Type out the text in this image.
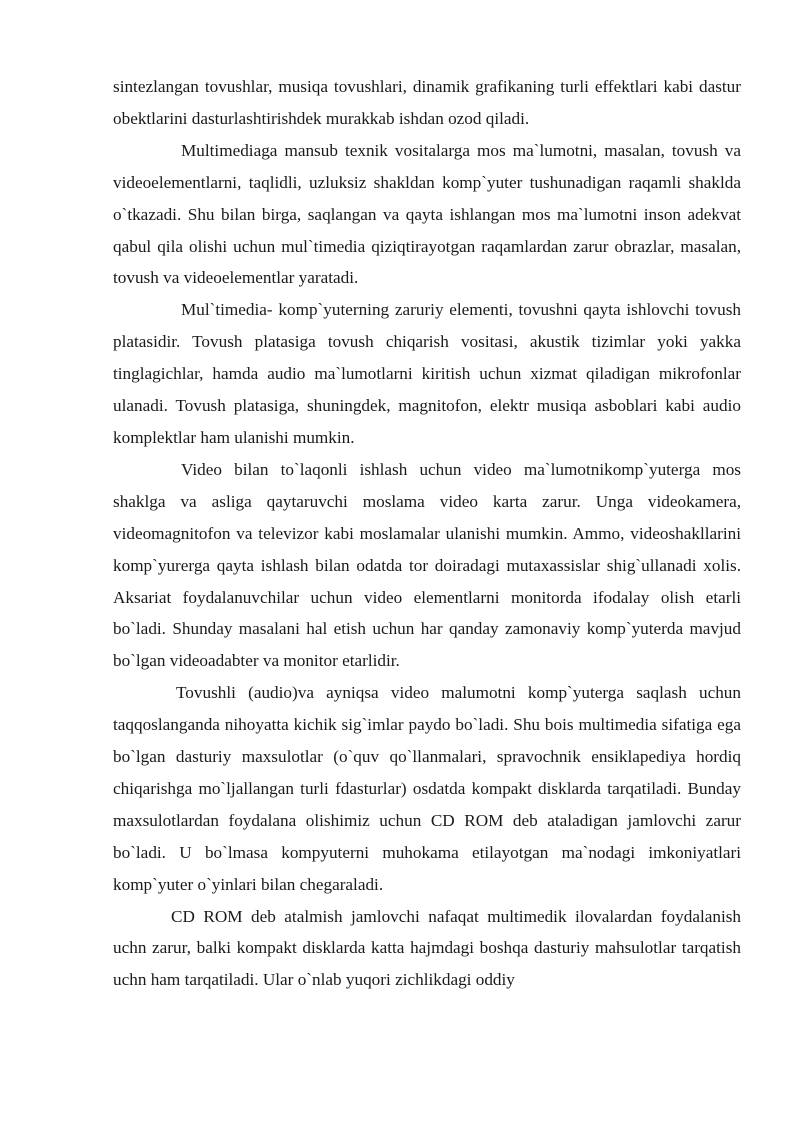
sintezlangan tovushlar, musiqa tovushlari, dinamik grafikaning turli effektlari kabi dastur obektlarini dasturlashtirishdek murakkab ishdan ozod qiladi.

Multimediaga mansub texnik vositalarga mos ma`lumotni, masalan, tovush va videoelementlarni, taqlidli, uzluksiz shakldan komp`yuter tushunadigan raqamli shaklda o`tkazadi. Shu bilan birga, saqlangan va qayta ishlangan mos ma`lumotni inson adekvat qabul qila olishi uchun mul`timedia qiziqtirayotgan raqamlardan zarur obrazlar, masalan, tovush va videoelementlar yaratadi.

Mul`timedia- komp`yuterning zaruriy elementi, tovushni qayta ishlovchi tovush platasidir. Tovush platasiga tovush chiqarish vositasi, akustik tizimlar yoki yakka tinglagichlar, hamda audio ma`lumotlarni kiritish uchun xizmat qiladigan mikrofonlar ulanadi. Tovush platasiga, shuningdek, magnitofon, elektr musiqa asboblari kabi audio komplektlar ham ulanishi mumkin.

Video bilan to`laqonli ishlash uchun video ma`lumotnikomp`yuterga mos shaklga va asliga qaytaruvchi moslama video karta zarur. Unga videokamera, videomagnitofon va televizor kabi moslamalar ulanishi mumkin. Ammo, videoshakllarini komp`yurerga qayta ishlash bilan odatda tor doiradagi mutaxassislar shig`ullanadi xolis. Aksariat foydalanuvchilar uchun video elementlarni monitorda ifodalay olish etarli bo`ladi. Shunday masalani hal etish uchun har qanday zamonaviy komp`yuterda mavjud bo`lgan videoadabter va monitor etarlidir.

Tovushli (audio)va ayniqsa video malumotni komp`yuterga saqlash uchun taqqoslanganda nihoyatta kichik sig`imlar paydo bo`ladi. Shu bois multimedia sifatiga ega bo`lgan dasturiy maxsulotlar (o`quv qo`llanmalari, spravochnik ensiklapediya hordiq chiqarishga mo`ljallangan turli fdasturlar) osdatda kompakt disklarda tarqatiladi. Bunday maxsulotlardan foydalana olishimiz uchun CD ROM deb ataladigan jamlovchi zarur bo`ladi. U bo`lmasa kompyuterni muhokama etilayotgan ma`nodagi imkoniyatlari komp`yuter o`yinlari bilan chegaraladi.

CD ROM deb atalmish jamlovchi nafaqat multimedik ilovalardan foydalanish uchn zarur, balki kompakt disklarda katta hajmdagi boshqa dasturiy mahsulotlar tarqatish uchn ham tarqatiladi. Ular o`nlab yuqori zichlikdagi oddiy
